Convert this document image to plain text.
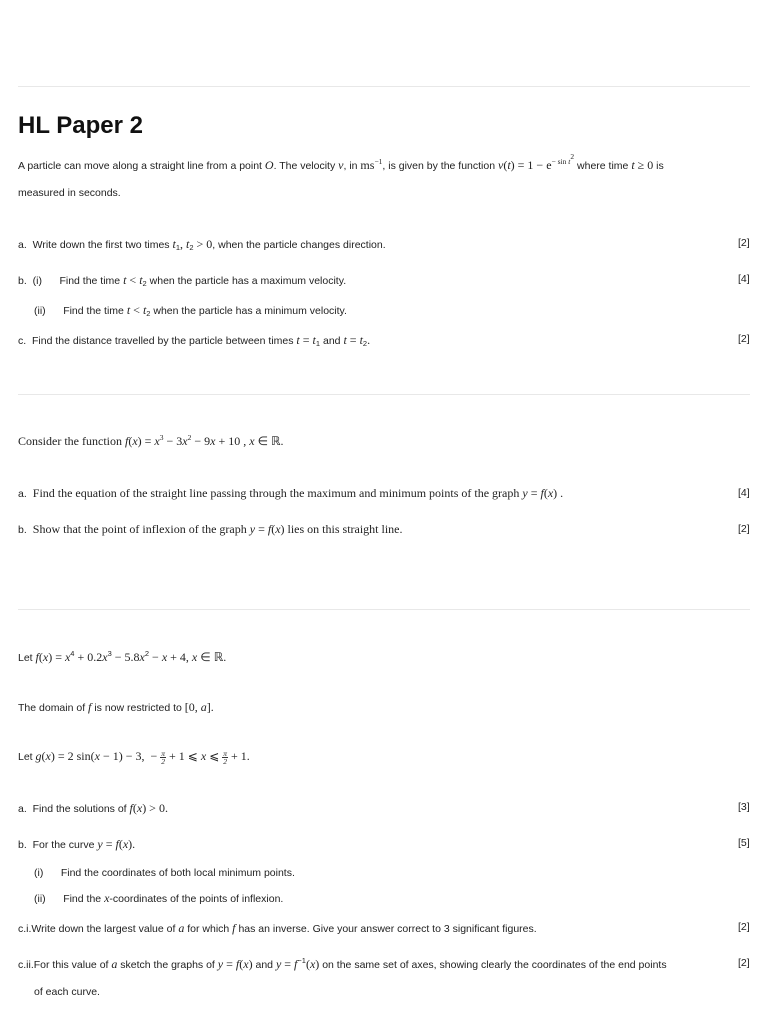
HL Paper 2
A particle can move along a straight line from a point O. The velocity v, in $ms^{-1}$, is given by the function $v(t) = 1 - e^{- sin t^2}$ where time t ≥ 0 is
measured in seconds.
a. Write down the first two times $t_1$, $t_2 > 0$, when the particle changes direction.	[2]
b. (i) Find the time $t < t_2$ when the particle has a maximum velocity.	[4]
(ii) Find the time $t < t_2$ when the particle has a minimum velocity.
c. Find the distance travelled by the particle between times $t = t_1$ and $t = t_2$.	[2]
Consider the function $f(x) = x^3 - 3x^2 - 9x + 10$ , x ∈ ℝ.
a. Find the equation of the straight line passing through the maximum and minimum points of the graph y = f(x) .	[4]
b. Show that the point of inflexion of the graph y = f(x) lies on this straight line.	[2]
Let $f(x) = x^4 + 0.2x^3 - 5.8x^2 - x + 4$, x ∈ ℝ.
The domain of f is now restricted to [0, a].
Let g(x) = 2 sin(x − 1) − 3,  − $\frac{\pi}{2} + 1$ ⩽ x ⩽ $\frac{\pi}{2} + 1$.
a. Find the solutions of f(x) > 0.	[3]
b. For the curve y = f(x).	[5]
(i) Find the coordinates of both local minimum points.
(ii) Find the x-coordinates of the points of inflexion.
c.i.Write down the largest value of a for which f has an inverse. Give your answer correct to 3 significant figures.	[2]
c.ii.For this value of a sketch the graphs of y = f(x) and $y = f^{-1}(x)$ on the same set of axes, showing clearly the coordinates of the end points	[2]
of each curve.
